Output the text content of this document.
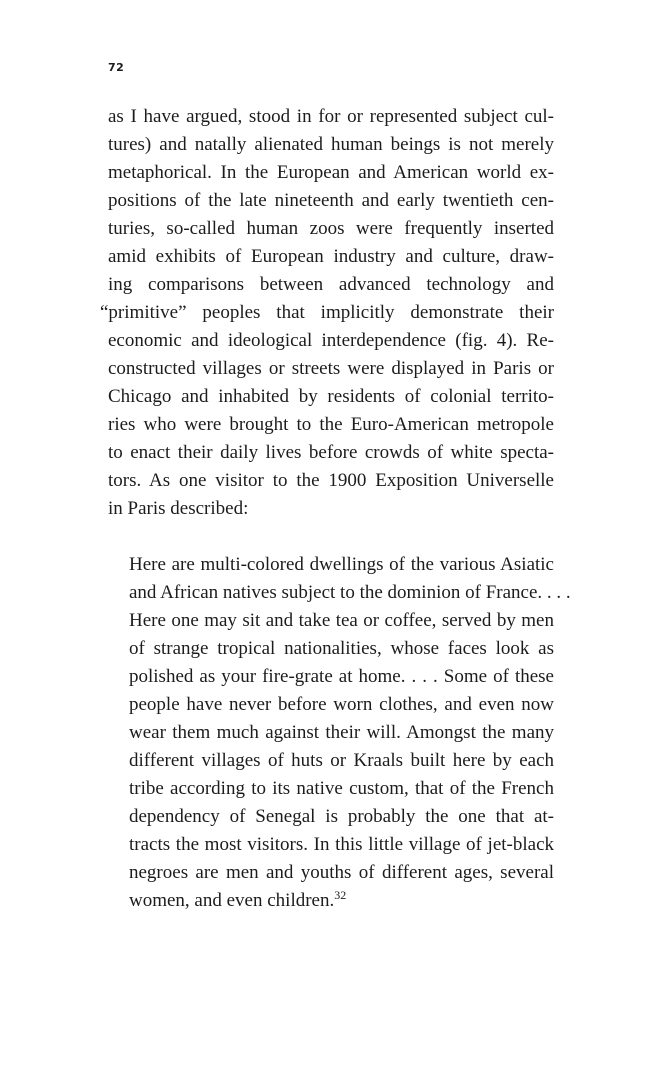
72
as I have argued, stood in for or represented subject cul-
tures) and natally alienated human beings is not merely
metaphorical. In the European and American world ex-
positions of the late nineteenth and early twentieth cen-
turies, so-called human zoos were frequently inserted
amid exhibits of European industry and culture, draw-
ing comparisons between advanced technology and
“primitive” peoples that implicitly demonstrate their
economic and ideological interdependence (fig. 4). Re-
constructed villages or streets were displayed in Paris or
Chicago and inhabited by residents of colonial territo-
ries who were brought to the Euro-American metropole
to enact their daily lives before crowds of white specta-
tors. As one visitor to the 1900 Exposition Universelle
in Paris described:
Here are multi-colored dwellings of the various Asiatic
and African natives subject to the dominion of France. . . .
Here one may sit and take tea or coffee, served by men
of strange tropical nationalities, whose faces look as
polished as your fire-grate at home. . . . Some of these
people have never before worn clothes, and even now
wear them much against their will. Amongst the many
different villages of huts or Kraals built here by each
tribe according to its native custom, that of the French
dependency of Senegal is probably the one that at-
tracts the most visitors. In this little village of jet-black
negroes are men and youths of different ages, several
women, and even children.$^{32}$
